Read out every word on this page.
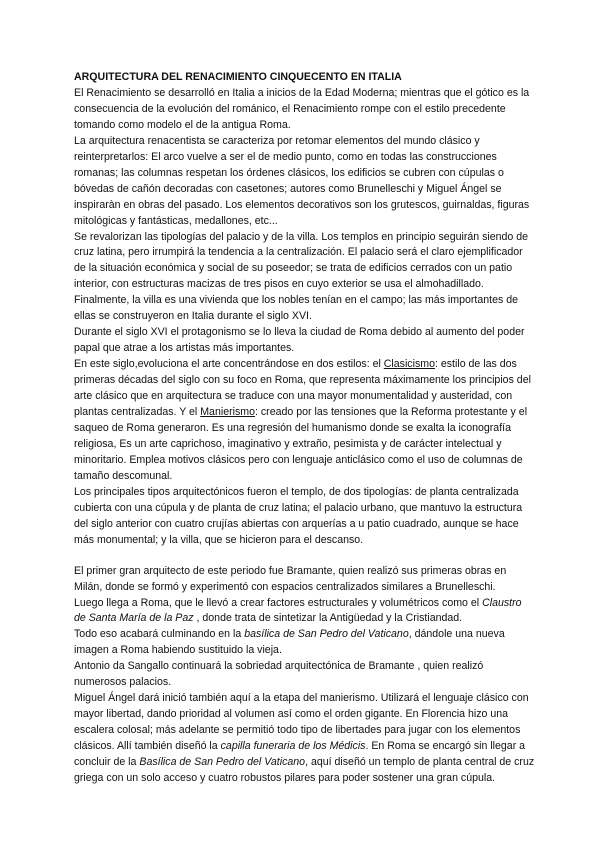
ARQUITECTURA DEL RENACIMIENTO CINQUECENTO EN ITALIA

El Renacimiento se desarrolló en Italia a inicios de la Edad Moderna; mientras que el gótico es la consecuencia de la evolución del románico, el Renacimiento rompe con el estilo precedente tomando como modelo el de la antigua Roma.

La arquitectura renacentista se caracteriza por retomar elementos del mundo clásico y reinterpretarlos: El arco vuelve a ser el de medio punto, como en todas las construcciones romanas; las columnas respetan los órdenes clásicos, los edificios se cubren con cúpulas o bóvedas de cañón decoradas con casetones; autores como Brunelleschi y Miguel Ángel se inspiraràn en obras del pasado. Los elementos decorativos son los grutescos, guirnaldas, figuras mitológicas y fantásticas, medallones, etc...

Se revalorizan las tipologías del palacio y de la villa. Los templos en principio seguirán siendo de cruz latina, pero irrumpirá la tendencia a la centralización. El palacio será el claro ejemplificador de la situación económica y social de su poseedor; se trata de edificios cerrados con un patio interior, con estructuras macizas de tres pisos en cuyo exterior se usa el almohadillado.

Finalmente, la villa es una vivienda que los nobles tenían en el campo; las más importantes de ellas se construyeron en Italia durante el siglo XVI.

Durante el siglo XVI el protagonismo se lo lleva la ciudad de Roma debido al aumento del poder papal que atrae a los artistas más importantes.

En este siglo,evoluciona el arte concentrándose en dos estilos: el Clasicismo: estilo de las dos primeras décadas del siglo con su foco en Roma, que representa máximamente los principios del arte clásico que en arquitectura se traduce con una mayor monumentalidad y austeridad, con plantas centralizadas. Y el Manierismo: creado por las tensiones que la Reforma protestante y el saqueo de Roma generaron. Es una regresión del humanismo donde se exalta la iconografía religiosa, Es un arte caprichoso, imaginativo y extraño, pesimista y de carácter intelectual y minoritario. Emplea motivos clásicos pero con lenguaje anticlásico como el uso de columnas de tamaño descomunal.

Los principales tipos arquitectónicos fueron el templo, de dos tipologías: de planta centralizada cubierta con una cúpula y de planta de cruz latina; el palacio urbano, que mantuvo la estructura del siglo anterior con cuatro crujías abiertas con arquerías a u patio cuadrado, aunque se hace más monumental; y la villa, que se hicieron para el descanso.

El primer gran arquitecto de este periodo fue Bramante, quien realizó sus primeras obras en Milán, donde se formó y experimentó con espacios centralizados similares a Brunelleschi.

Luego llega a Roma, que le llevó a crear factores estructurales y volumétricos como el Claustro de Santa María de la Paz , donde trata de sintetizar la Antigüedad y la Cristiandad.

Todo eso acabará culminando en la basílica de San Pedro del Vaticano, dándole una nueva imagen a Roma habiendo sustituido la vieja.

Antonio da Sangallo continuará la sobriedad arquitectónica de Bramante , quien realizó numerosos palacios.

Miguel Ángel dará inició también aquí a la etapa del manierismo. Utilizará el lenguaje clásico con mayor libertad, dando prioridad al volumen así como el orden gigante. En Florencia hizo una escalera colosal; más adelante se permitió todo tipo de libertades para jugar con los elementos clásicos. Allí también diseñó la capilla funeraria de los Médicis. En Roma se encargó sin llegar a concluir de la Basílica de San Pedro del Vaticano, aquí diseñó un templo de planta central de cruz griega con un solo acceso y cuatro robustos pilares para poder sostener una gran cúpula.
